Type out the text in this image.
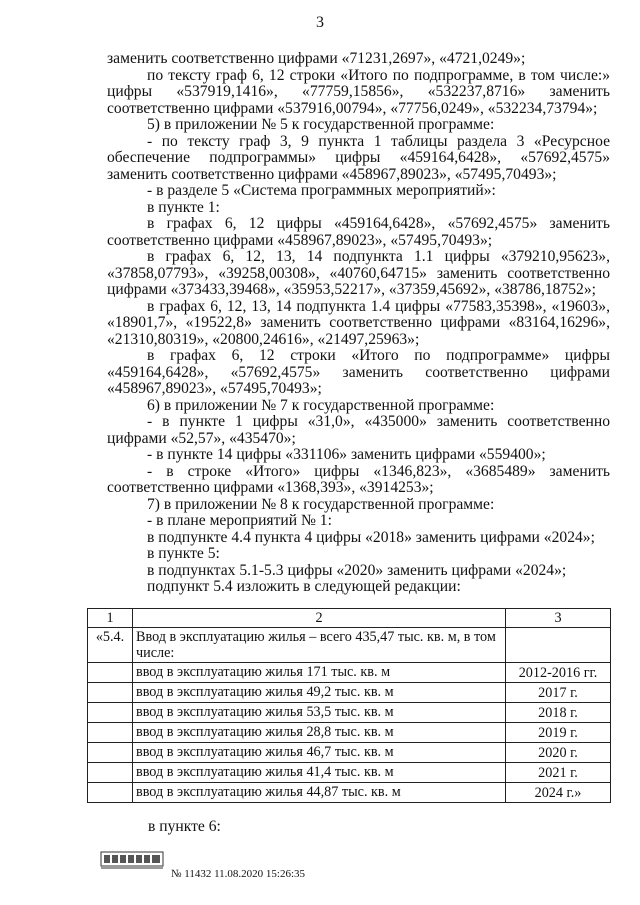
3

заменить соответственно цифрами «71231,2697», «4721,0249»;

по тексту граф 6, 12 строки «Итого по подпрограмме, в том числе:» цифры «537919,1416», «77759,15856», «532237,8716» заменить соответственно цифрами «537916,00794», «77756,0249», «532234,73794»;

5) в приложении № 5 к государственной программе:

- по тексту граф 3, 9 пункта 1 таблицы раздела 3 «Ресурсное обеспечение подпрограммы» цифры «459164,6428», «57692,4575» заменить соответственно цифрами «458967,89023», «57495,70493»;

- в разделе 5 «Система программных мероприятий»:

в пункте 1:

в графах 6, 12 цифры «459164,6428», «57692,4575» заменить соответственно цифрами «458967,89023», «57495,70493»;

в графах 6, 12, 13, 14 подпункта 1.1 цифры «379210,95623», «37858,07793», «39258,00308», «40760,64715» заменить соответственно цифрами «373433,39468», «35953,52217», «37359,45692», «38786,18752»;

в графах 6, 12, 13, 14 подпункта 1.4 цифры «77583,35398», «19603», «18901,7», «19522,8» заменить соответственно цифрами «83164,16296», «21310,80319», «20800,24616», «21497,25963»;

в графах 6, 12 строки «Итого по подпрограмме» цифры «459164,6428», «57692,4575» заменить соответственно цифрами «458967,89023», «57495,70493»;

6) в приложении № 7 к государственной программе:

- в пункте 1 цифры «31,0», «435000» заменить соответственно цифрами «52,57», «435470»;

- в пункте 14 цифры «331106» заменить цифрами «559400»;

- в строке «Итого» цифры «1346,823», «3685489» заменить соответственно цифрами «1368,393», «3914253»;

7) в приложении № 8 к государственной программе:

- в плане мероприятий № 1:

в подпункте 4.4 пункта 4 цифры «2018» заменить цифрами «2024»;

в пункте 5:

в подпунктах 5.1-5.3 цифры «2020» заменить цифрами «2024»;

подпункт 5.4 изложить в следующей редакции:

1	2	3
«5.4.	Ввод в эксплуатацию жилья – всего 435,47 тыс. кв. м, в том числе:	
	ввод в эксплуатацию жилья 171 тыс. кв. м	2012-2016 гг.
	ввод в эксплуатацию жилья 49,2 тыс. кв. м	2017 г.
	ввод в эксплуатацию жилья 53,5 тыс. кв. м	2018 г.
	ввод в эксплуатацию жилья 28,8 тыс. кв. м	2019 г.
	ввод в эксплуатацию жилья 46,7 тыс. кв. м	2020 г.
	ввод в эксплуатацию жилья 41,4 тыс. кв. м	2021 г.
	ввод в эксплуатацию жилья 44,87 тыс. кв. м	2024 г.»
в пункте 6:
№ 11432 11.08.2020 15:26:35
